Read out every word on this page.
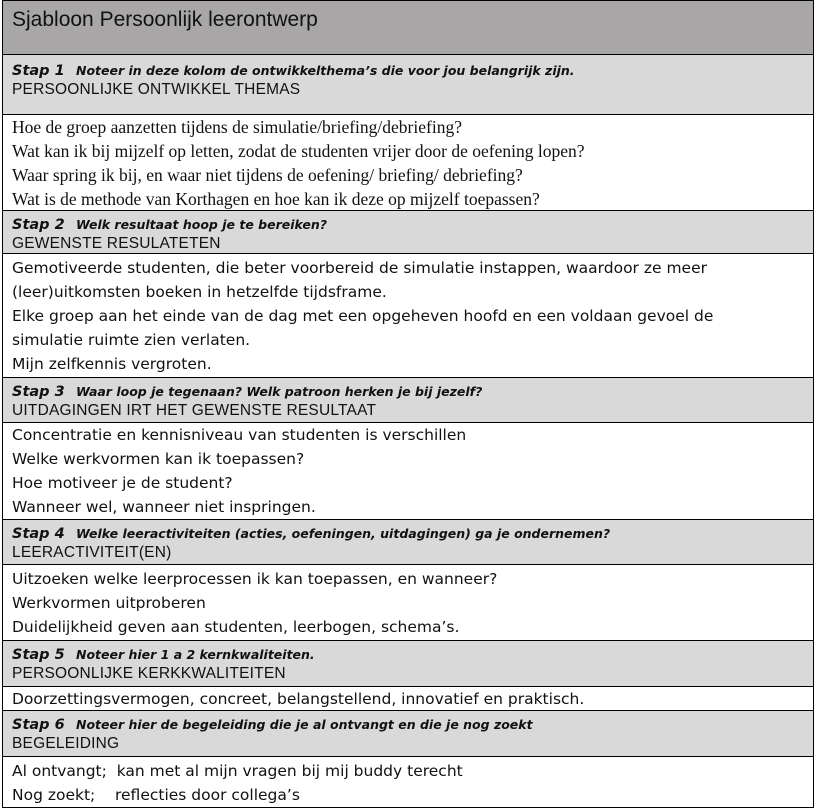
Sjabloon Persoonlijk leerontwerp
Stap 1 Noteer in deze kolom de ontwikkelthema’s die voor jou belangrijk zijn.
PERSOONLIJKE ONTWIKKEL THEMAS
Hoe de groep aanzetten tijdens de simulatie/briefing/debriefing?
Wat kan ik bij mijzelf op letten, zodat de studenten vrijer door de oefening lopen?
Waar spring ik bij, en waar niet tijdens de oefening/ briefing/ debriefing?
Wat is de methode van Korthagen en hoe kan ik deze op mijzelf toepassen?
Stap 2 Welk resultaat hoop je te bereiken?
GEWENSTE RESULATETEN
Gemotiveerde studenten, die beter voorbereid de simulatie instappen, waardoor ze meer
(leer)uitkomsten boeken in hetzelfde tijdsframe.
Elke groep aan het einde van de dag met een opgeheven hoofd en een voldaan gevoel de
simulatie ruimte zien verlaten.
Mijn zelfkennis vergroten.
Stap 3 Waar loop je tegenaan? Welk patroon herken je bij jezelf?
UITDAGINGEN IRT HET GEWENSTE RESULTAAT
Concentratie en kennisniveau van studenten is verschillen
Welke werkvormen kan ik toepassen?
Hoe motiveer je de student?
Wanneer wel, wanneer niet inspringen.
Stap 4 Welke leeractiviteiten (acties, oefeningen, uitdagingen) ga je ondernemen?
LEERACTIVITEIT(EN)
Uitzoeken welke leerprocessen ik kan toepassen, en wanneer?
Werkvormen uitproberen
Duidelijkheid geven aan studenten, leerbogen, schema’s.
Stap 5 Noteer hier 1 a 2 kernkwaliteiten.
PERSOONLIJKE KERKKWALITEITEN
Doorzettingsvermogen, concreet, belangstellend, innovatief en praktisch.
Stap 6 Noteer hier de begeleiding die je al ontvangt en die je nog zoekt
BEGELEIDING
Al ontvangt;  kan met al mijn vragen bij mij buddy terecht
Nog zoekt;    reflecties door collega’s
